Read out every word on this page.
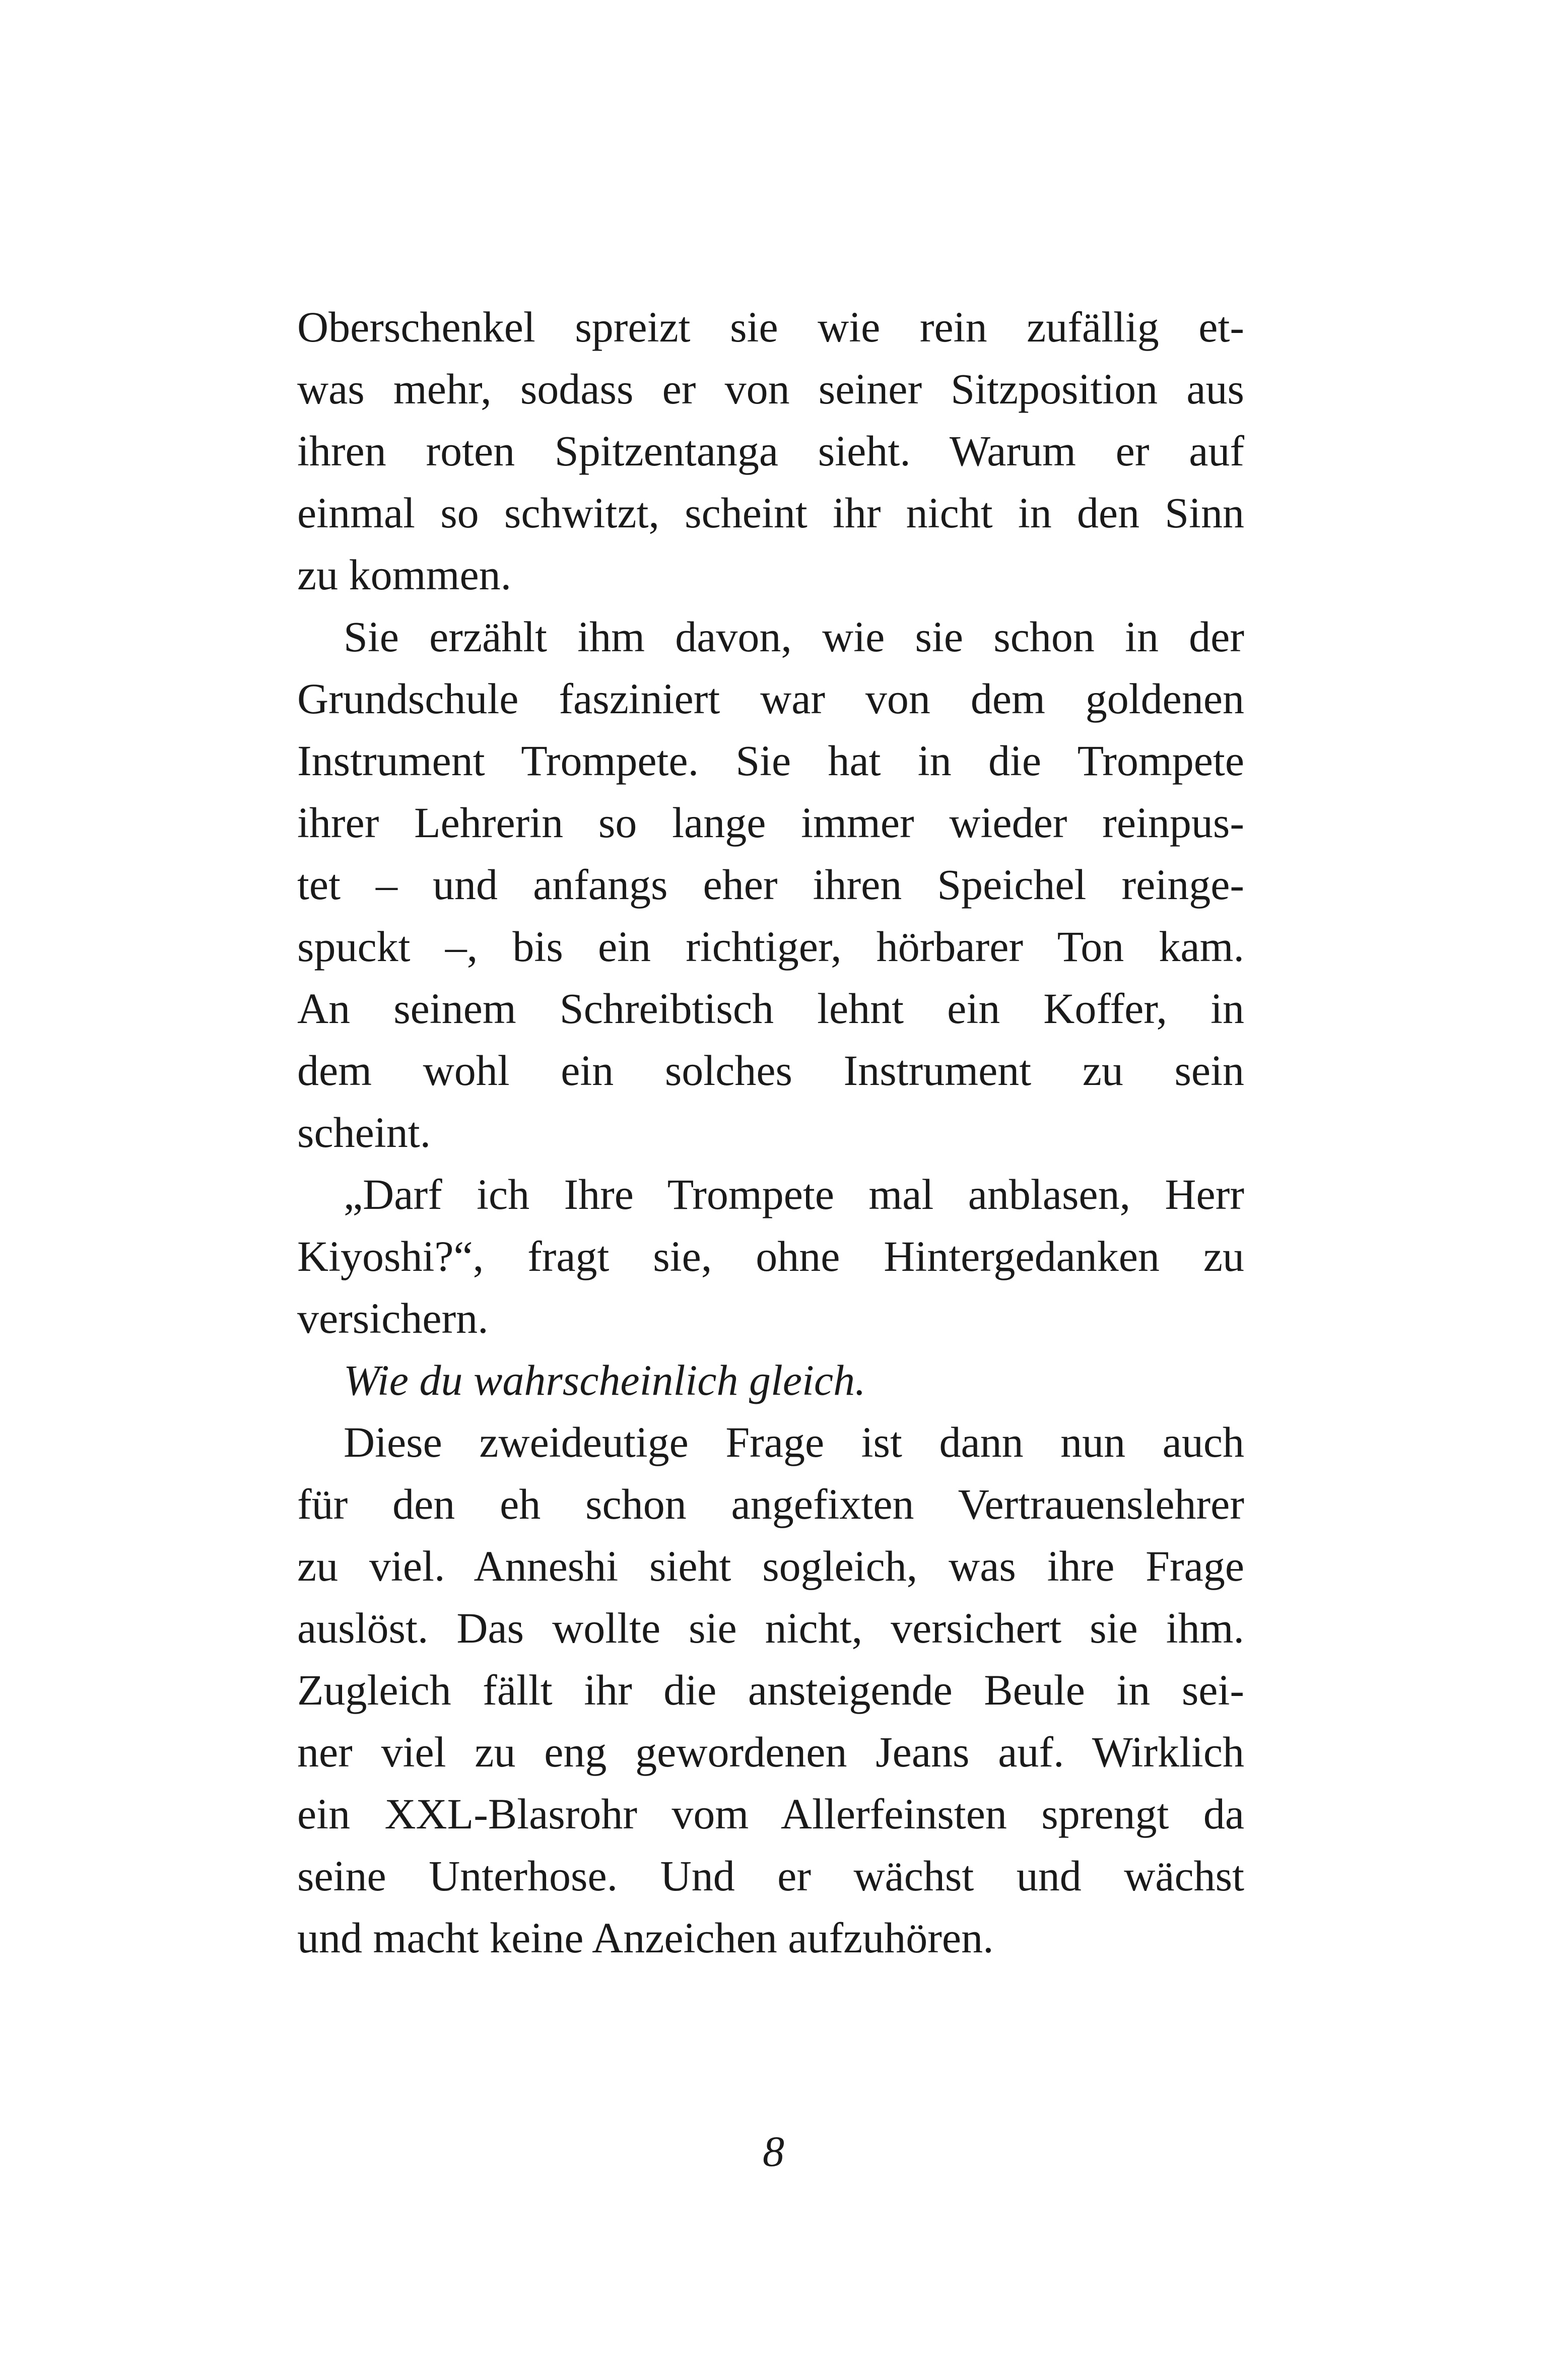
Oberschenkel spreizt sie wie rein zufällig et-
was mehr, sodass er von seiner Sitzposition aus
ihren roten Spitzentanga sieht. Warum er auf
einmal so schwitzt, scheint ihr nicht in den Sinn
zu kommen.
Sie erzählt ihm davon, wie sie schon in der
Grundschule fasziniert war von dem goldenen
Instrument Trompete. Sie hat in die Trompete
ihrer Lehrerin so lange immer wieder reinpus-
tet – und anfangs eher ihren Speichel reinge-
spuckt –, bis ein richtiger, hörbarer Ton kam.
An seinem Schreibtisch lehnt ein Koffer, in
dem wohl ein solches Instrument zu sein
scheint.
„Darf ich Ihre Trompete mal anblasen, Herr
Kiyoshi?“, fragt sie, ohne Hintergedanken zu
versichern.
Wie du wahrscheinlich gleich.
Diese zweideutige Frage ist dann nun auch
für den eh schon angefixten Vertrauenslehrer
zu viel. Anneshi sieht sogleich, was ihre Frage
auslöst. Das wollte sie nicht, versichert sie ihm.
Zugleich fällt ihr die ansteigende Beule in sei-
ner viel zu eng gewordenen Jeans auf. Wirklich
ein XXL-Blasrohr vom Allerfeinsten sprengt da
seine Unterhose. Und er wächst und wächst
und macht keine Anzeichen aufzuhören.
8
